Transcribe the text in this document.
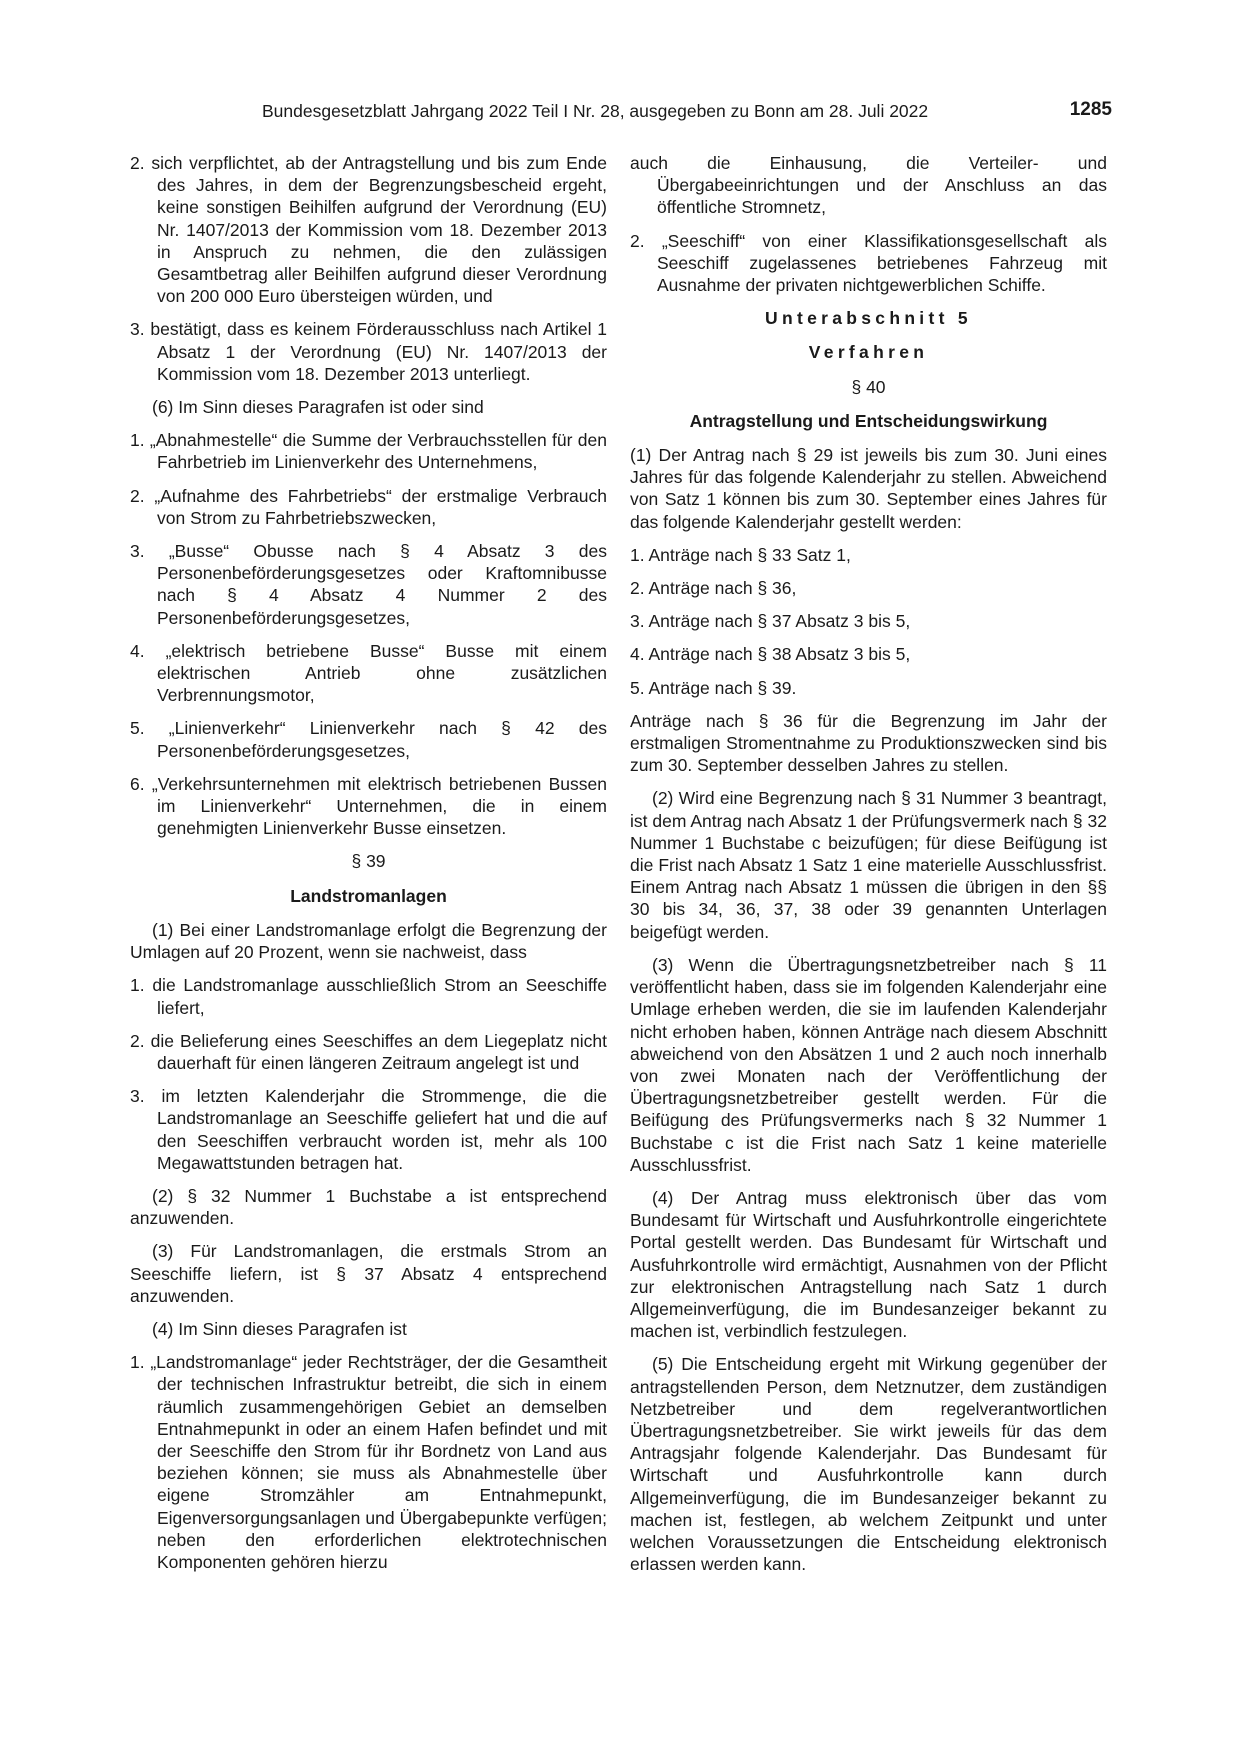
Bundesgesetzblatt Jahrgang 2022 Teil I Nr. 28, ausgegeben zu Bonn am 28. Juli 2022	1285
2. sich verpflichtet, ab der Antragstellung und bis zum Ende des Jahres, in dem der Begrenzungsbescheid ergeht, keine sonstigen Beihilfen aufgrund der Verordnung (EU) Nr. 1407/2013 der Kommission vom 18. Dezember 2013 in Anspruch zu nehmen, die den zulässigen Gesamtbetrag aller Beihilfen aufgrund dieser Verordnung von 200 000 Euro übersteigen würden, und
3. bestätigt, dass es keinem Förderausschluss nach Artikel 1 Absatz 1 der Verordnung (EU) Nr. 1407/2013 der Kommission vom 18. Dezember 2013 unterliegt.
(6) Im Sinn dieses Paragrafen ist oder sind
1. „Abnahmestelle“ die Summe der Verbrauchsstellen für den Fahrbetrieb im Linienverkehr des Unternehmens,
2. „Aufnahme des Fahrbetriebs“ der erstmalige Verbrauch von Strom zu Fahrbetriebszwecken,
3. „Busse“ Obusse nach § 4 Absatz 3 des Personenbeförderungsgesetzes oder Kraftomnibusse nach § 4 Absatz 4 Nummer 2 des Personenbeförderungsgesetzes,
4. „elektrisch betriebene Busse“ Busse mit einem elektrischen Antrieb ohne zusätzlichen Verbrennungsmotor,
5. „Linienverkehr“ Linienverkehr nach § 42 des Personenbeförderungsgesetzes,
6. „Verkehrsunternehmen mit elektrisch betriebenen Bussen im Linienverkehr“ Unternehmen, die in einem genehmigten Linienverkehr Busse einsetzen.
§ 39
Landstromanlagen
(1) Bei einer Landstromanlage erfolgt die Begrenzung der Umlagen auf 20 Prozent, wenn sie nachweist, dass
1. die Landstromanlage ausschließlich Strom an Seeschiffe liefert,
2. die Belieferung eines Seeschiffes an dem Liegeplatz nicht dauerhaft für einen längeren Zeitraum angelegt ist und
3. im letzten Kalenderjahr die Strommenge, die die Landstromanlage an Seeschiffe geliefert hat und die auf den Seeschiffen verbraucht worden ist, mehr als 100 Megawattstunden betragen hat.
(2) § 32 Nummer 1 Buchstabe a ist entsprechend anzuwenden.
(3) Für Landstromanlagen, die erstmals Strom an Seeschiffe liefern, ist § 37 Absatz 4 entsprechend anzuwenden.
(4) Im Sinn dieses Paragrafen ist
1. „Landstromanlage“ jeder Rechtsträger, der die Gesamtheit der technischen Infrastruktur betreibt, die sich in einem räumlich zusammengehörigen Gebiet an demselben Entnahmepunkt in oder an einem Hafen befindet und mit der Seeschiffe den Strom für ihr Bordnetz von Land aus beziehen können; sie muss als Abnahmestelle über eigene Stromzähler am Entnahmepunkt, Eigenversorgungsanlagen und Übergabepunkte verfügen; neben den erforderlichen elektrotechnischen Komponenten gehören hierzu
auch die Einhausung, die Verteiler- und Übergabeeinrichtungen und der Anschluss an das öffentliche Stromnetz,
2. „Seeschiff“ von einer Klassifikationsgesellschaft als Seeschiff zugelassenes betriebenes Fahrzeug mit Ausnahme der privaten nichtgewerblichen Schiffe.
Unterabschnitt 5
Verfahren
§ 40
Antragstellung und Entscheidungswirkung
(1) Der Antrag nach § 29 ist jeweils bis zum 30. Juni eines Jahres für das folgende Kalenderjahr zu stellen. Abweichend von Satz 1 können bis zum 30. September eines Jahres für das folgende Kalenderjahr gestellt werden:
1. Anträge nach § 33 Satz 1,
2. Anträge nach § 36,
3. Anträge nach § 37 Absatz 3 bis 5,
4. Anträge nach § 38 Absatz 3 bis 5,
5. Anträge nach § 39.
Anträge nach § 36 für die Begrenzung im Jahr der erstmaligen Stromentnahme zu Produktionszwecken sind bis zum 30. September desselben Jahres zu stellen.
(2) Wird eine Begrenzung nach § 31 Nummer 3 beantragt, ist dem Antrag nach Absatz 1 der Prüfungsvermerk nach § 32 Nummer 1 Buchstabe c beizufügen; für diese Beifügung ist die Frist nach Absatz 1 Satz 1 eine materielle Ausschlussfrist. Einem Antrag nach Absatz 1 müssen die übrigen in den §§ 30 bis 34, 36, 37, 38 oder 39 genannten Unterlagen beigefügt werden.
(3) Wenn die Übertragungsnetzbetreiber nach § 11 veröffentlicht haben, dass sie im folgenden Kalenderjahr eine Umlage erheben werden, die sie im laufenden Kalenderjahr nicht erhoben haben, können Anträge nach diesem Abschnitt abweichend von den Absätzen 1 und 2 auch noch innerhalb von zwei Monaten nach der Veröffentlichung der Übertragungsnetzbetreiber gestellt werden. Für die Beifügung des Prüfungsvermerks nach § 32 Nummer 1 Buchstabe c ist die Frist nach Satz 1 keine materielle Ausschlussfrist.
(4) Der Antrag muss elektronisch über das vom Bundesamt für Wirtschaft und Ausfuhrkontrolle eingerichtete Portal gestellt werden. Das Bundesamt für Wirtschaft und Ausfuhrkontrolle wird ermächtigt, Ausnahmen von der Pflicht zur elektronischen Antragstellung nach Satz 1 durch Allgemeinverfügung, die im Bundesanzeiger bekannt zu machen ist, verbindlich festzulegen.
(5) Die Entscheidung ergeht mit Wirkung gegenüber der antragstellenden Person, dem Netznutzer, dem zuständigen Netzbetreiber und dem regelverantwortlichen Übertragungsnetzbetreiber. Sie wirkt jeweils für das dem Antragsjahr folgende Kalenderjahr. Das Bundesamt für Wirtschaft und Ausfuhrkontrolle kann durch Allgemeinverfügung, die im Bundesanzeiger bekannt zu machen ist, festlegen, ab welchem Zeitpunkt und unter welchen Voraussetzungen die Entscheidung elektronisch erlassen werden kann.
